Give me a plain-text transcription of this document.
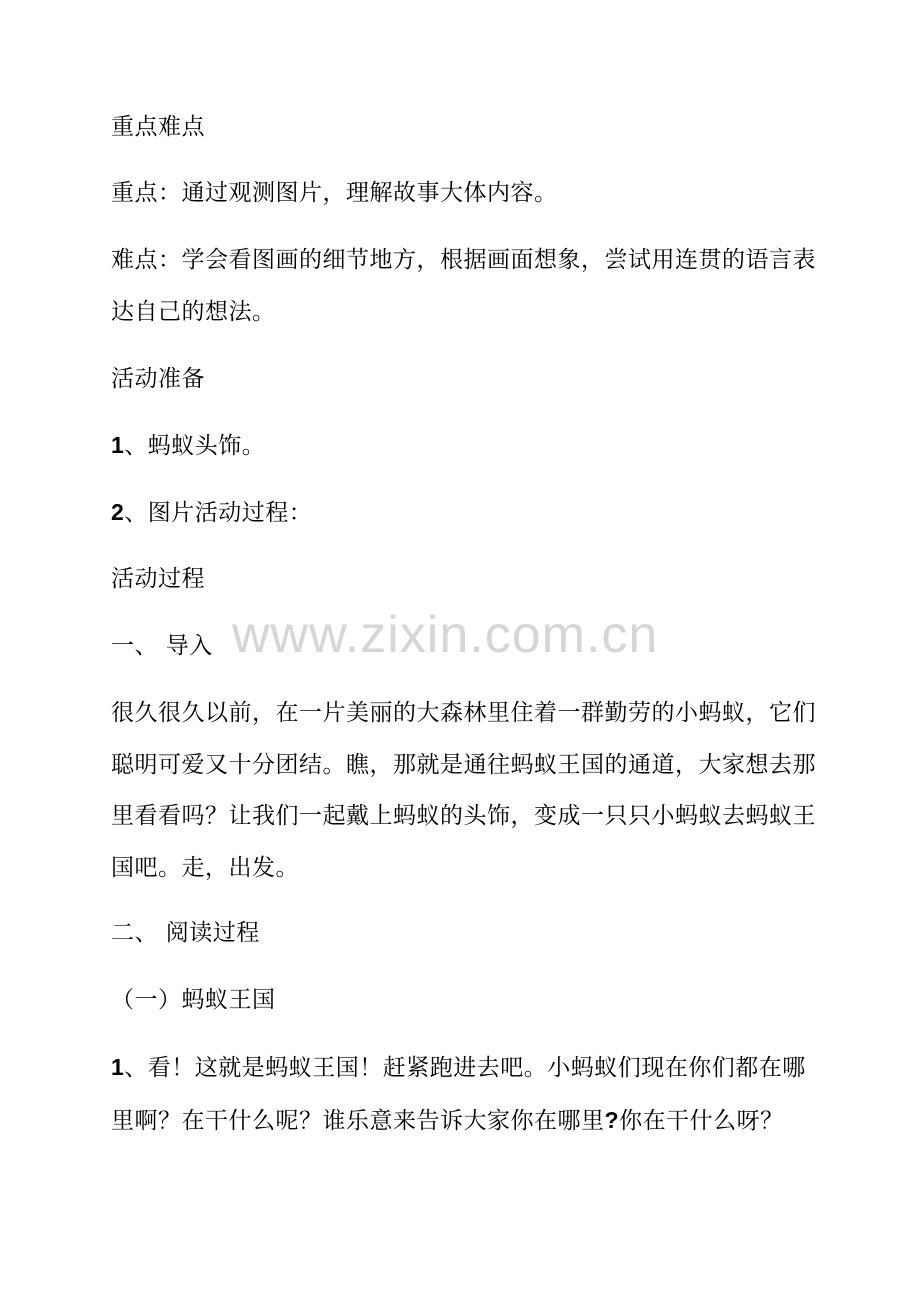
www.zixin.com.cn

重点难点

重点：通过观测图片，理解故事大体内容。

难点：学会看图画的细节地方，根据画面想象，尝试用连贯的语言表
达自己的想法。

活动准备

1、蚂蚁头饰。

2、图片活动过程：

活动过程

一、 导入

很久很久以前，在一片美丽的大森林里住着一群勤劳的小蚂蚁，它们
聪明可爱又十分团结。瞧，那就是通往蚂蚁王国的通道，大家想去那
里看看吗？让我们一起戴上蚂蚁的头饰，变成一只只小蚂蚁去蚂蚁王
国吧。走，出发。

二、 阅读过程

（一）蚂蚁王国

1、看！这就是蚂蚁王国！赶紧跑进去吧。小蚂蚁们现在你们都在哪
里啊？在干什么呢？谁乐意来告诉大家你在哪里?你在干什么呀？
